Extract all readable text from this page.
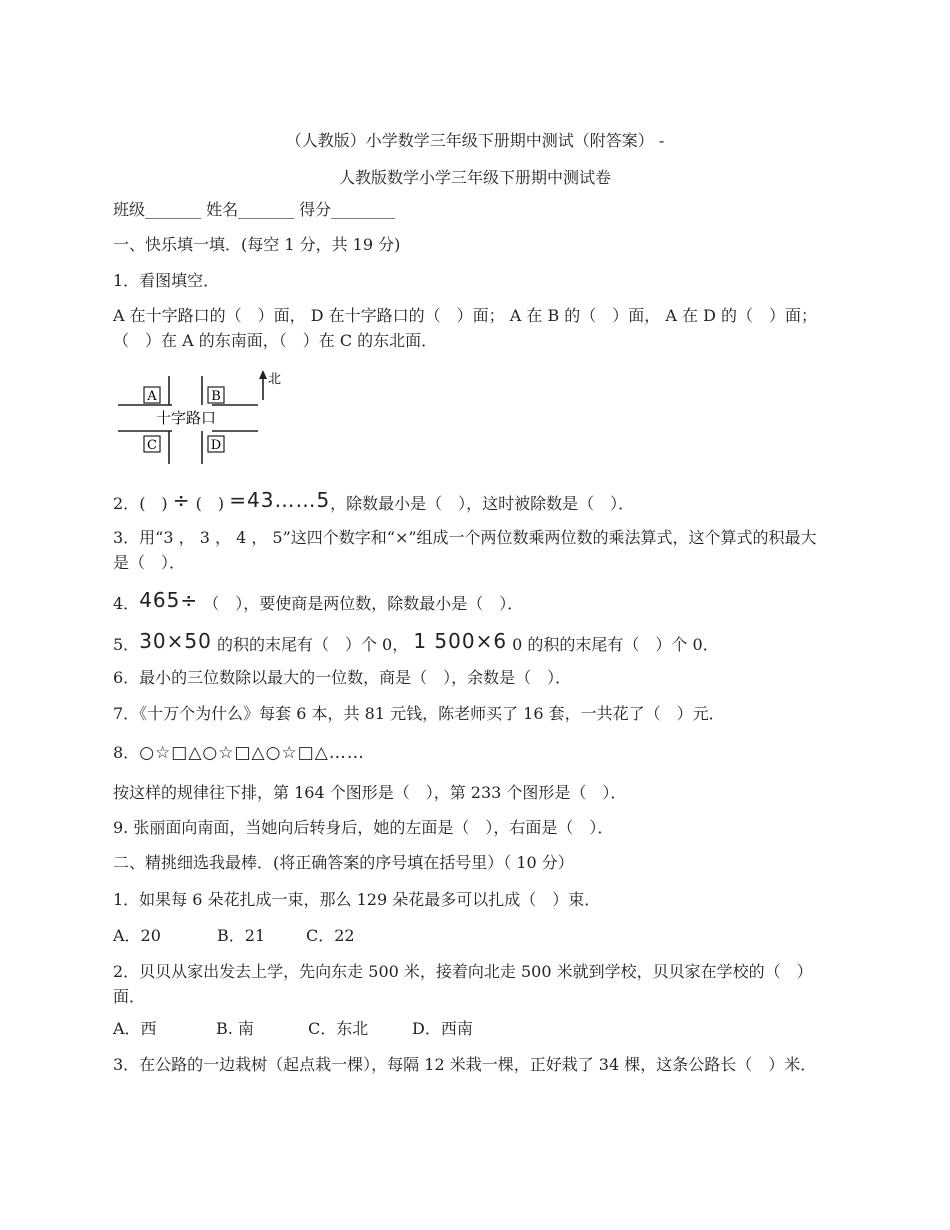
（人教版）小学数学三年级下册期中测试（附答案） -
人教版数学小学三年级下册期中测试卷
班级_______ 姓名_______ 得分________
一、快乐填一填．(每空 1 分，共 19 分)
1．看图填空．
A 在十字路口的（　）面， D 在十字路口的（　）面； A 在 B 的（　）面， A 在 D 的（　）面；（　）在 A 的东南面，（　）在 C 的东北面．
A	B
C	D
十字路口
北
2．(　) ÷ (　) =43……5，除数最小是（　），这时被除数是（　）．
3．用“3 ， 3 ， 4 ， 5”这四个数字和“×”组成一个两位数乘两位数的乘法算式，这个算式的积最大是（　）．
4．465÷ （　），要使商是两位数，除数最小是（　）．
5．30×50 的积的末尾有（　）个 0， 1 500×6 0 的积的末尾有（　）个 0．
6．最小的三位数除以最大的一位数，商是（　），余数是（　）．
7．《十万个为什么》每套 6 本，共 81 元钱，陈老师买了 16 套，一共花了（　）元．
8．○☆□△○☆□△○☆□△……
按这样的规律往下排，第 164 个图形是（　），第 233 个图形是（　）．
9. 张丽面向南面，当她向后转身后，她的左面是（　），右面是（　）．
二、精挑细选我最棒．(将正确答案的序号填在括号里）（ 10 分）
1．如果每 6 朵花扎成一束，那么 129 朵花最多可以扎成（　）束．
A．20	B．21	C．22
2．贝贝从家出发去上学，先向东走 500 米，接着向北走 500 米就到学校，贝贝家在学校的（　）面．
A．西	B. 南	C．东北	D．西南
3．在公路的一边栽树（起点栽一棵），每隔 12 米栽一棵，正好栽了 34 棵，这条公路长（　）米．
